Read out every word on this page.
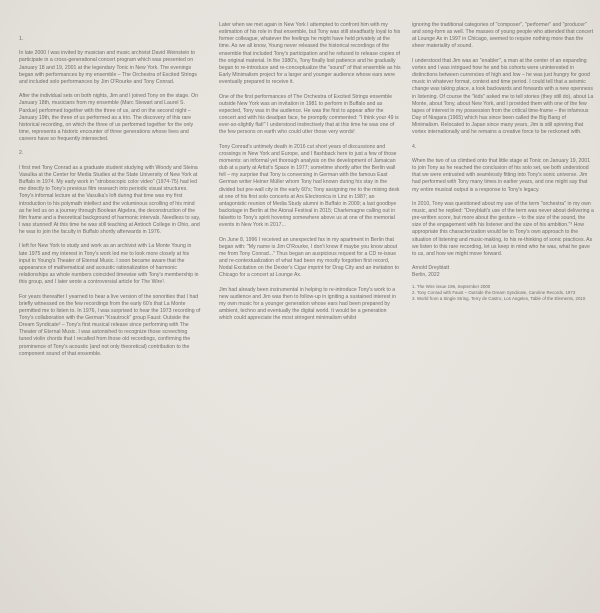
1.

In late 2000 I was invited by musician and music archivist David Weinstein to participate in a cross-generational concert program which was presented on January 18 and 19, 2001 at the legendary Tonic in New York. The evenings began with performances by my ensemble – The Orchestra of Excited Strings and included solo performances by Jim O'Rourke and Tony Conrad.

After the individual sets on both nights, Jim and I joined Tony on the stage. On January 18th, musicians from my ensemble (Marc Stewart and Laurel S. Pardue) performed together with the three of us, and on the second night – January 19th, the three of us performed as a trio. The discovery of this rare historical recording, on which the three of us performed together for the only time, represents a historic encounter of three generations whose lives and careers have so frequently intersected.

2.

I first met Tony Conrad as a graduate student studying with Woody and Steina Vasulka at the Center for Media Studies at the State University of New York at Buffalo in 1974. My early work in "stroboscopic color video" (1974-75) had led me directly to Tony's previous film research into periodic visual structures. Tony's informal lecture at the Vasulka's loft during that time was my first introduction to his polymath intellect and the voluminous scrolling of his mind as he led us on a journey through Boolean Algebra, the deconstruction of the film frame and a theoretical background of harmonic intervals. Needless to say, I was stunned! At this time he was still teaching at Antioch College in Ohio, and he was to join the faculty in Buffalo shortly afterwards in 1976.

I left for New York to study and work as an archivist with La Monte Young in late 1975 and my interest in Tony's work led me to look more closely at his input to Young's Theater of Eternal Music. I soon became aware that the appearance of mathematical and acoustic rationalization of harmonic relationships as whole numbers coincided timewise with Tony's membership in this group, and I later wrote a controversial article for The Wire¹.

For years thereafter I yearned to hear a live version of the sonorities that I had briefly witnessed on the few recordings from the early 60's that La Monte permitted me to listen to. In 1976, I was surprised to hear the 1973 recording of Tony's collaboration with the German "Krautrock" group Faust: Outside the Dream Syndicate² – Tony's first musical release since performing with The Theater of Eternal Music. I was astonished to recognize those screeching tuned violin chords that I recalled from those old recordings, confirming the prominence of Tony's acoustic (and not only theoretical) contribution to the component sound of that ensemble.

Later when we met again in New York I attempted to confront him with my estimation of his role in that ensemble, but Tony was still steadfastly loyal to his former colleague, whatever the feelings he might have held privately at the time. As we all know, Young never released the historical recordings of the ensemble that included Tony's participation and he refused to release copies of the original material. In the 1980's, Tony finally lost patience and he gradually began to re-introduce and re-conceptualize the "sound" of that ensemble as his Early Minimalism project for a larger and younger audience whose ears were eventually prepared to receive it.

One of the first performances of The Orchestra of Excited Strings ensemble outside New York was an invitation in 1981 to perform in Buffalo and as expected, Tony was in the audience. He was the first to appear after the concert and with his deadpan face, he promptly commented: "I think your 49 is ever-so-slightly flat!" I understood instinctively that at this time he was one of the few persons on earth who could utter those very words!

Tony Conrad's untimely death in 2016 cut short years of discussions and crossings in New York and Europe, and I flashback here to just a few of those moments: an informal yet thorough analysis on the development of Jamaican dub at a party at Artist's Space in 1977; sometime shortly after the Berlin wall fell – my surprise that Tony is conversing in German with the famous East German writer Heiner Müller whom Tony had known during his stay in the divided but pre-wall city in the early 60's; Tony assigning me to the mixing desk at one of his first solo concerts at Ars Electronica in Linz in 1987; an antagonistic reunion of Media Study alumni in Buffalo in 2009; a last goodbye backstage in Berlin at the Atonal Festival in 2015; Charlemagne calling out in falsetto to Tony's spirit hovering somewhere above us at one of the memorial events in New York in 2017...

On June 8, 1996 I received an unexpected fax in my apartment in Berlin that began with: "My name is Jim O'Rourke, I don't know if maybe you know about me from Tony Conrad..." Thus began an auspicious request for a CD re-issue and re-contextualization of what had been my mostly forgotten first record, Nodal Excitation on the Dexter's Cigar imprint for Drag City and an invitation to Chicago for a concert at Lounge Ax.

Jim had already been instrumental in helping to re-introduce Tony's work to a new audience and Jim was then to follow-up in igniting a sustained interest in my own music for a younger generation whose ears had been prepared by ambient, techno and eventually the digital world. It would be a generation which could appreciate the most stringent minimalism whilst

ignoring the traditional categories of "composer", "performer" and "producer" and song-form as well. The masses of young people who attended that concert at Lounge Ax in 1997 in Chicago, seemed to require nothing more than the sheer materiality of sound.

I understood that Jim was an "enabler", a man at the center of an expanding vortex and I was intrigued how he and his cohorts were uninterested in distinctions between currencies of high and low – he was just hungry for good music in whatever format, context and time period. I could tell that a seismic change was taking place, a look backwards and forwards with a new openness in listening. Of course the "kids" asked me to tell stories (they still do), about La Monte, about Tony, about New York, and I provided them with one of the few tapes of interest in my possession from the critical time-frame – the infamous Day of Niagara (1965) which has since been called the Big Bang of Minimalism. Relocated to Japan since many years, Jim is still spinning that vortex internationally and he remains a creative force to be reckoned with.

4.

When the two of us climbed onto that little stage at Tonic on January 19, 2001 to join Tony as he reached the conclusion of his solo set, we both understood that we were entrusted with seamlessly fitting into Tony's sonic universe. Jim had performed with Tony many times in earlier years, and one might say that my entire musical output is a response to Tony's legacy.

In 2010, Tony was questioned about my use of the term "orchestra" in my own music, and he replied: "Dreyblatt's use of the term was never about delivering a pre-written score, but more about the gesture – to the size of the sound, the size of the engagement with his listener and the size of his ambition."³ How appropriate this characterization would be to Tony's own approach to the situation of listening and music-making, to his re-thinking of sonic practices. As we listen to this rare recording, let us keep in mind who he was, what he gave to us, and how we might move forward.

Arnold Dreyblatt
Berlin, 2022
1. The Wire issue 196, September 2000
2. Tony Conrad with Faust – Outside the Dream Syndicate, Caroline Records, 1973
3. World from a Single String, Terry de Castro, Los Angeles, Table of the Elements, 2010
